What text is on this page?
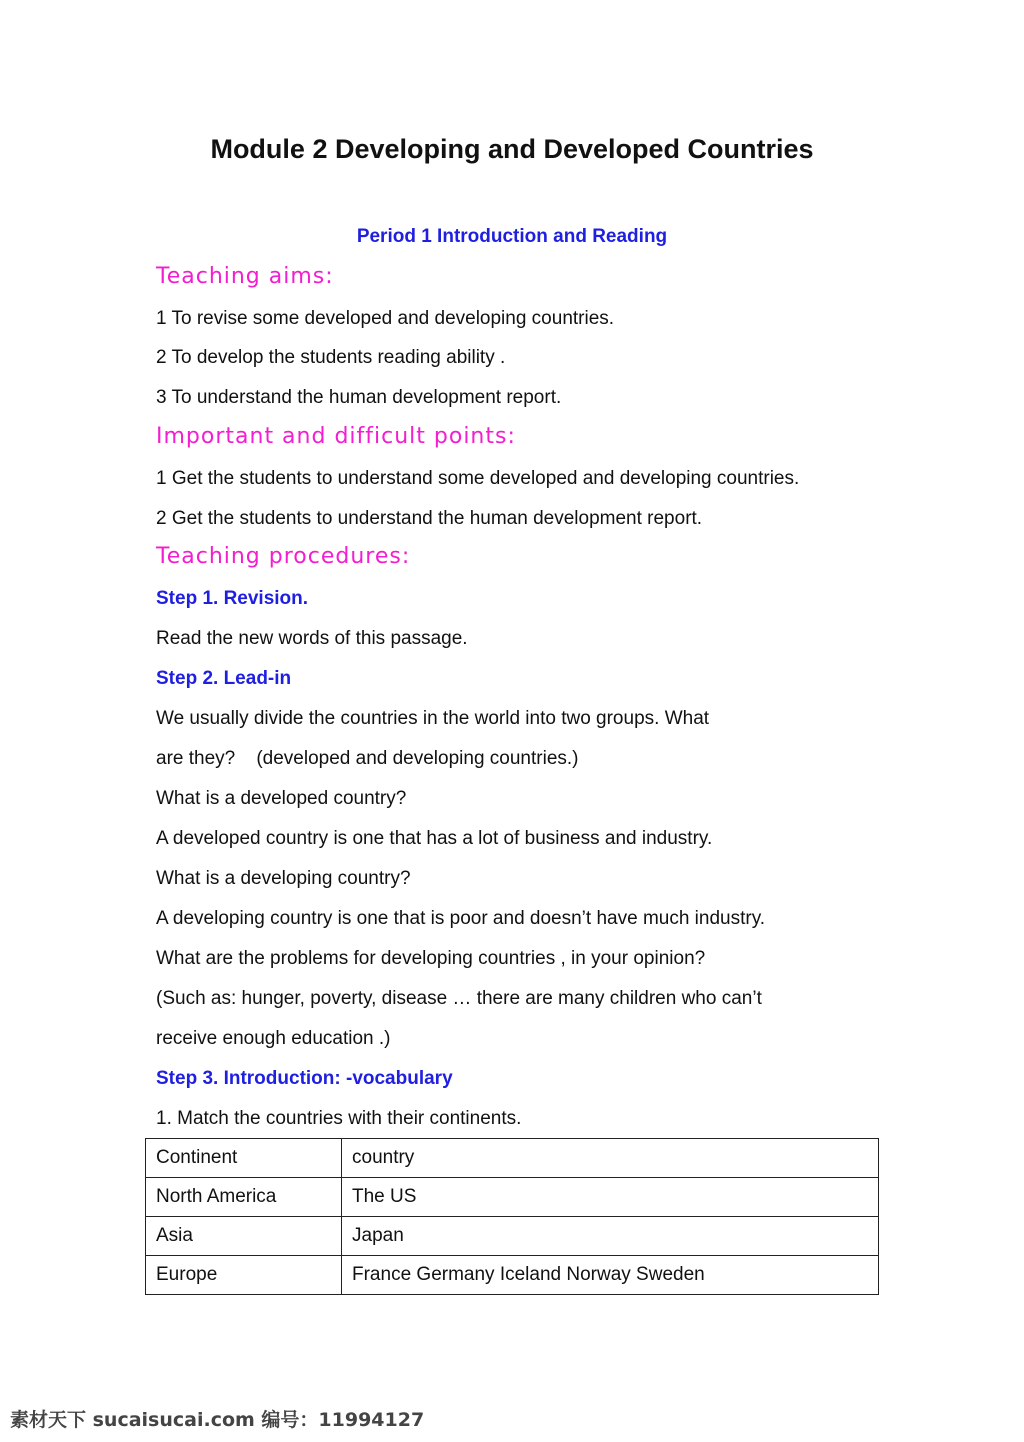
Module 2 Developing and Developed Countries
Period 1 Introduction and Reading
Teaching aims:
1 To revise some developed and developing countries.
2 To develop the students reading ability .
3 To understand the human development report.
Important and difficult points:
1 Get the students to understand some developed and developing countries.
2 Get the students to understand the human development report.
Teaching procedures:
Step 1. Revision.
Read the new words of this passage.
Step 2. Lead-in
We usually divide the countries in the world into two groups. What
are they?    (developed and developing countries.)
What is a developed country?
A developed country is one that has a lot of business and industry.
What is a developing country?
A developing country is one that is poor and doesn’t have much industry.
What are the problems for developing countries , in your opinion?
(Such as: hunger, poverty, disease … there are many children who can’t
receive enough education .)
Step 3. Introduction: -vocabulary
1. Match the countries with their continents.
Continent	country
North America	The US
Asia	Japan
Europe	France Germany Iceland Norway Sweden
素材天下 sucaisucai.com 编号：11994127
